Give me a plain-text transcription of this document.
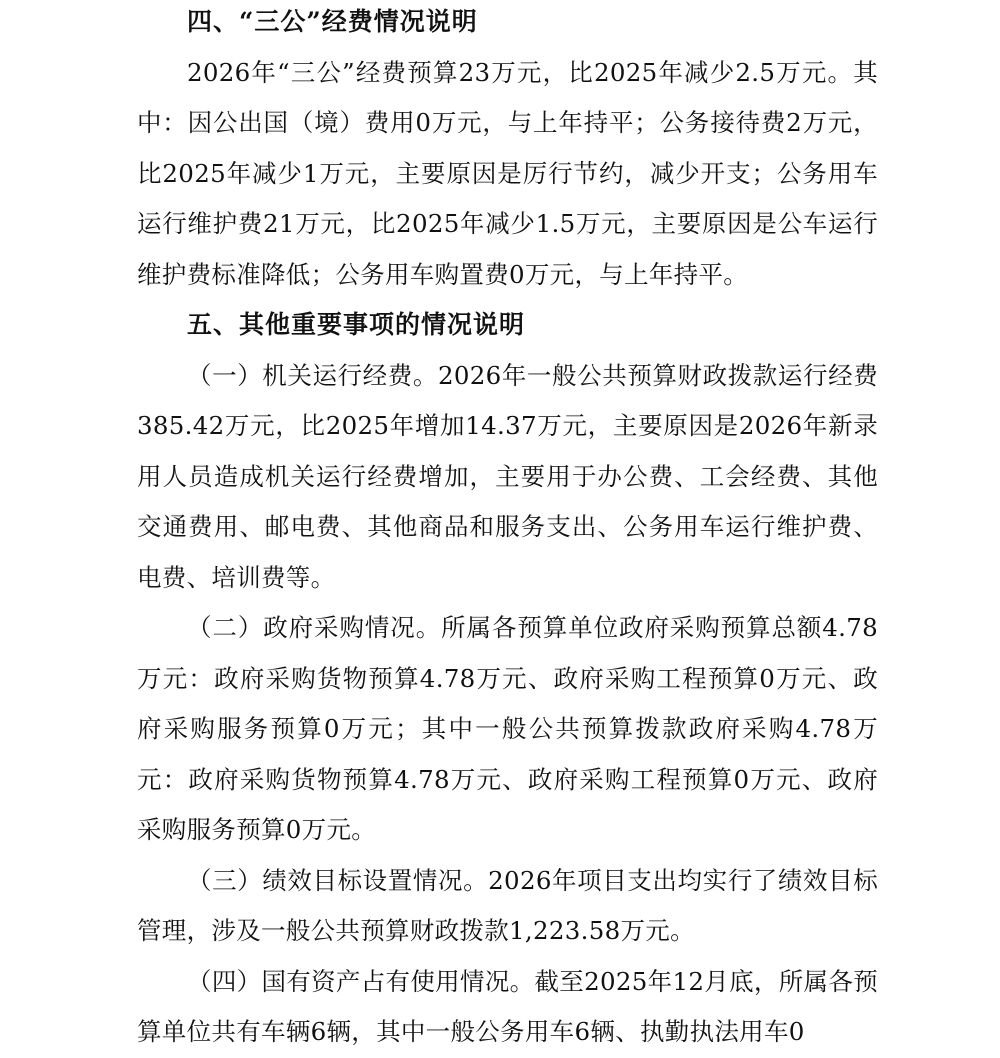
四、“三公”经费情况说明

2026年“三公”经费预算23万元，比2025年减少2.5万元。其中：因公出国（境）费用0万元，与上年持平；公务接待费2万元，比2025年减少1万元，主要原因是厉行节约，减少开支；公务用车运行维护费21万元，比2025年减少1.5万元，主要原因是公车运行维护费标准降低；公务用车购置费0万元，与上年持平。

五、其他重要事项的情况说明

（一）机关运行经费。2026年一般公共预算财政拨款运行经费385.42万元，比2025年增加14.37万元，主要原因是2026年新录用人员造成机关运行经费增加，主要用于办公费、工会经费、其他交通费用、邮电费、其他商品和服务支出、公务用车运行维护费、电费、培训费等。

（二）政府采购情况。所属各预算单位政府采购预算总额4.78万元：政府采购货物预算4.78万元、政府采购工程预算0万元、政府采购服务预算0万元；其中一般公共预算拨款政府采购4.78万元：政府采购货物预算4.78万元、政府采购工程预算0万元、政府采购服务预算0万元。

（三）绩效目标设置情况。2026年项目支出均实行了绩效目标管理，涉及一般公共预算财政拨款1,223.58万元。

（四）国有资产占有使用情况。截至2025年12月底，所属各预算单位共有车辆6辆，其中一般公务用车6辆、执勤执法用车0
